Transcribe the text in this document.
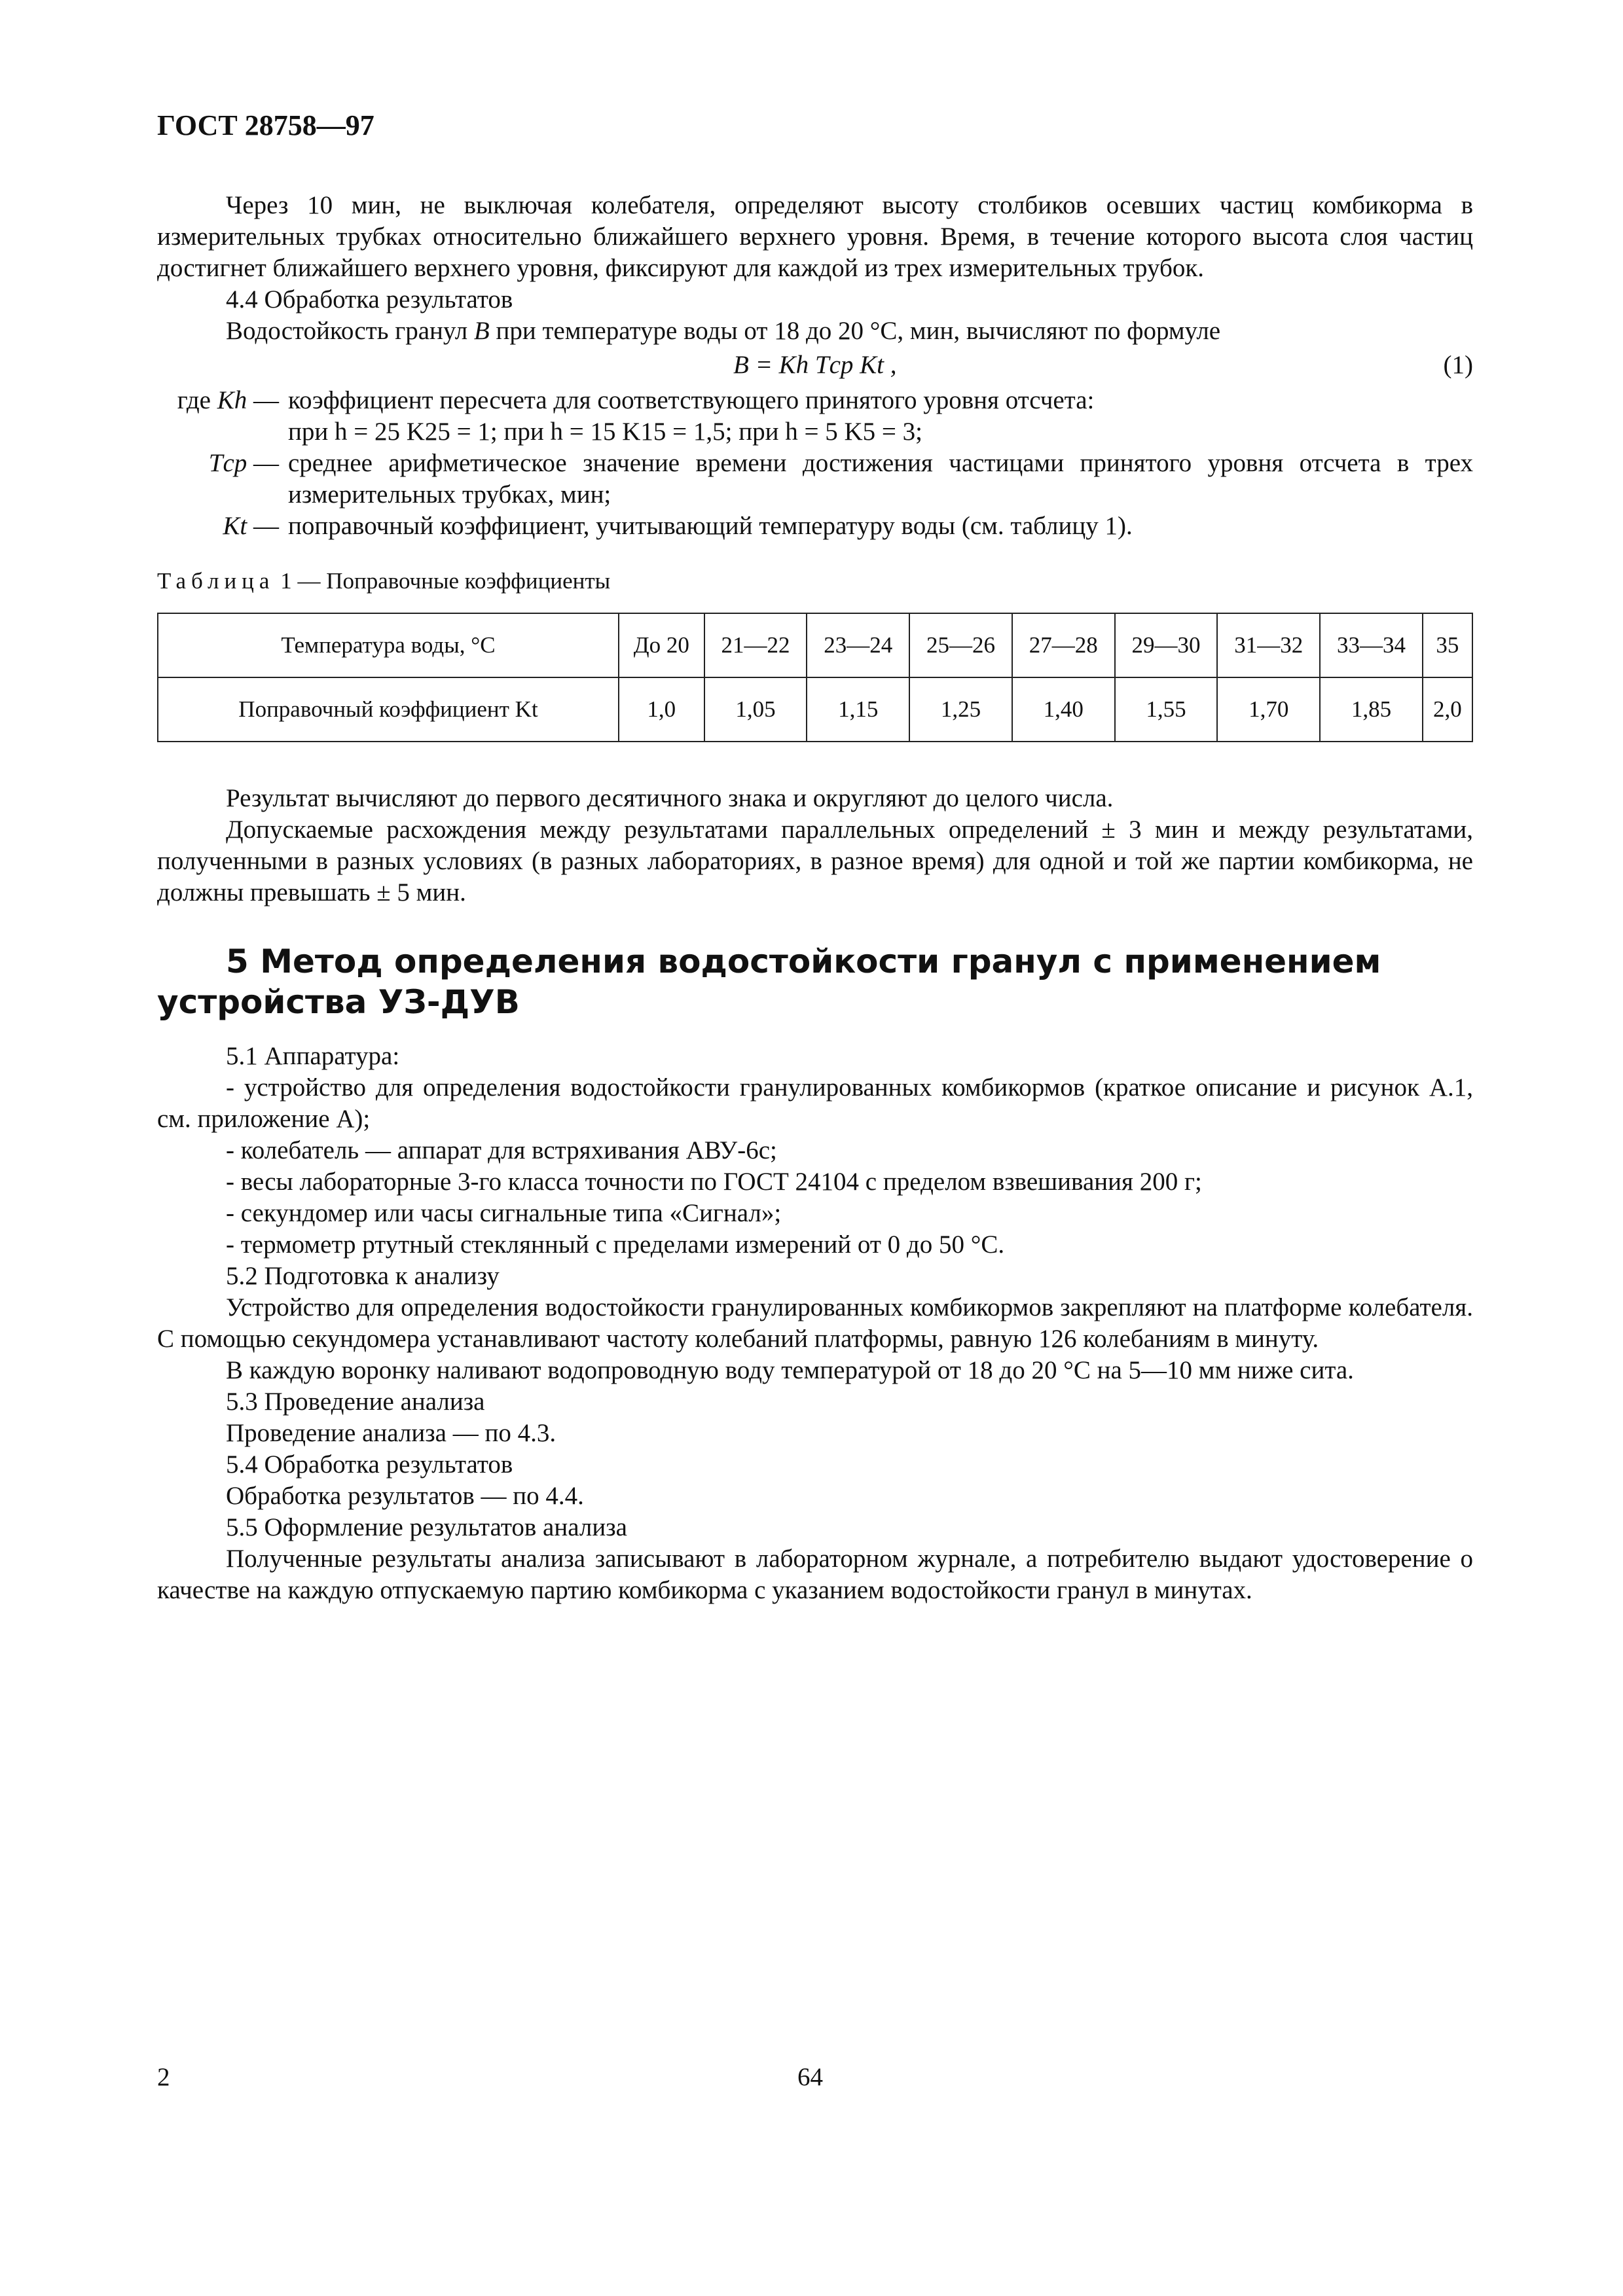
ГОСТ 28758—97

Через 10 мин, не выключая колебателя, определяют высоту столбиков осевших частиц комбикорма в измерительных трубках относительно ближайшего верхнего уровня. Время, в течение которого высота слоя частиц достигнет ближайшего верхнего уровня, фиксируют для каждой из трех измерительных трубок.

4.4 Обработка результатов

Водостойкость гранул В при температуре воды от 18 до 20 °С, мин, вычисляют по формуле

B = Kh Tср Kt ,	(1)
где Kh — коэффициент пересчета для соответствующего принятого уровня отсчета:
при h = 25 K25 = 1; при h = 15 K15 = 1,5; при h = 5 K5 = 3;
Tср — среднее арифметическое значение времени достижения частицами принятого уровня отсчета в трех измерительных трубках, мин;
Kt — поправочный коэффициент, учитывающий температуру воды (см. таблицу 1).
Таблица 1 — Поправочные коэффициенты
Температура воды, °С	До 20	21—22	23—24	25—26	27—28	29—30	31—32	33—34	35
Поправочный коэффициент Kt	1,0	1,05	1,15	1,25	1,40	1,55	1,70	1,85	2,0

Результат вычисляют до первого десятичного знака и округляют до целого числа.

Допускаемые расхождения между результатами параллельных определений ± 3 мин и между результатами, полученными в разных условиях (в разных лабораториях, в разное время) для одной и той же партии комбикорма, не должны превышать ± 5 мин.

5 Метод определения водостойкости гранул с применением устройства УЗ-ДУВ

5.1 Аппаратура:

- устройство для определения водостойкости гранулированных комбикормов (краткое описание и рисунок А.1, см. приложение А);

- колебатель — аппарат для встряхивания АВУ-6с;

- весы лабораторные 3-го класса точности по ГОСТ 24104 с пределом взвешивания 200 г;

- секундомер или часы сигнальные типа «Сигнал»;

- термометр ртутный стеклянный с пределами измерений от 0 до 50 °С.

5.2 Подготовка к анализу

Устройство для определения водостойкости гранулированных комбикормов закрепляют на платформе колебателя. С помощью секундомера устанавливают частоту колебаний платформы, равную 126 колебаниям в минуту.

В каждую воронку наливают водопроводную воду температурой от 18 до 20 °С на 5—10 мм ниже сита.

5.3 Проведение анализа

Проведение анализа — по 4.3.

5.4 Обработка результатов

Обработка результатов — по 4.4.

5.5 Оформление результатов анализа

Полученные результаты анализа записывают в лабораторном журнале, а потребителю выдают удостоверение о качестве на каждую отпускаемую партию комбикорма с указанием водостойкости гранул в минутах.

2	64
